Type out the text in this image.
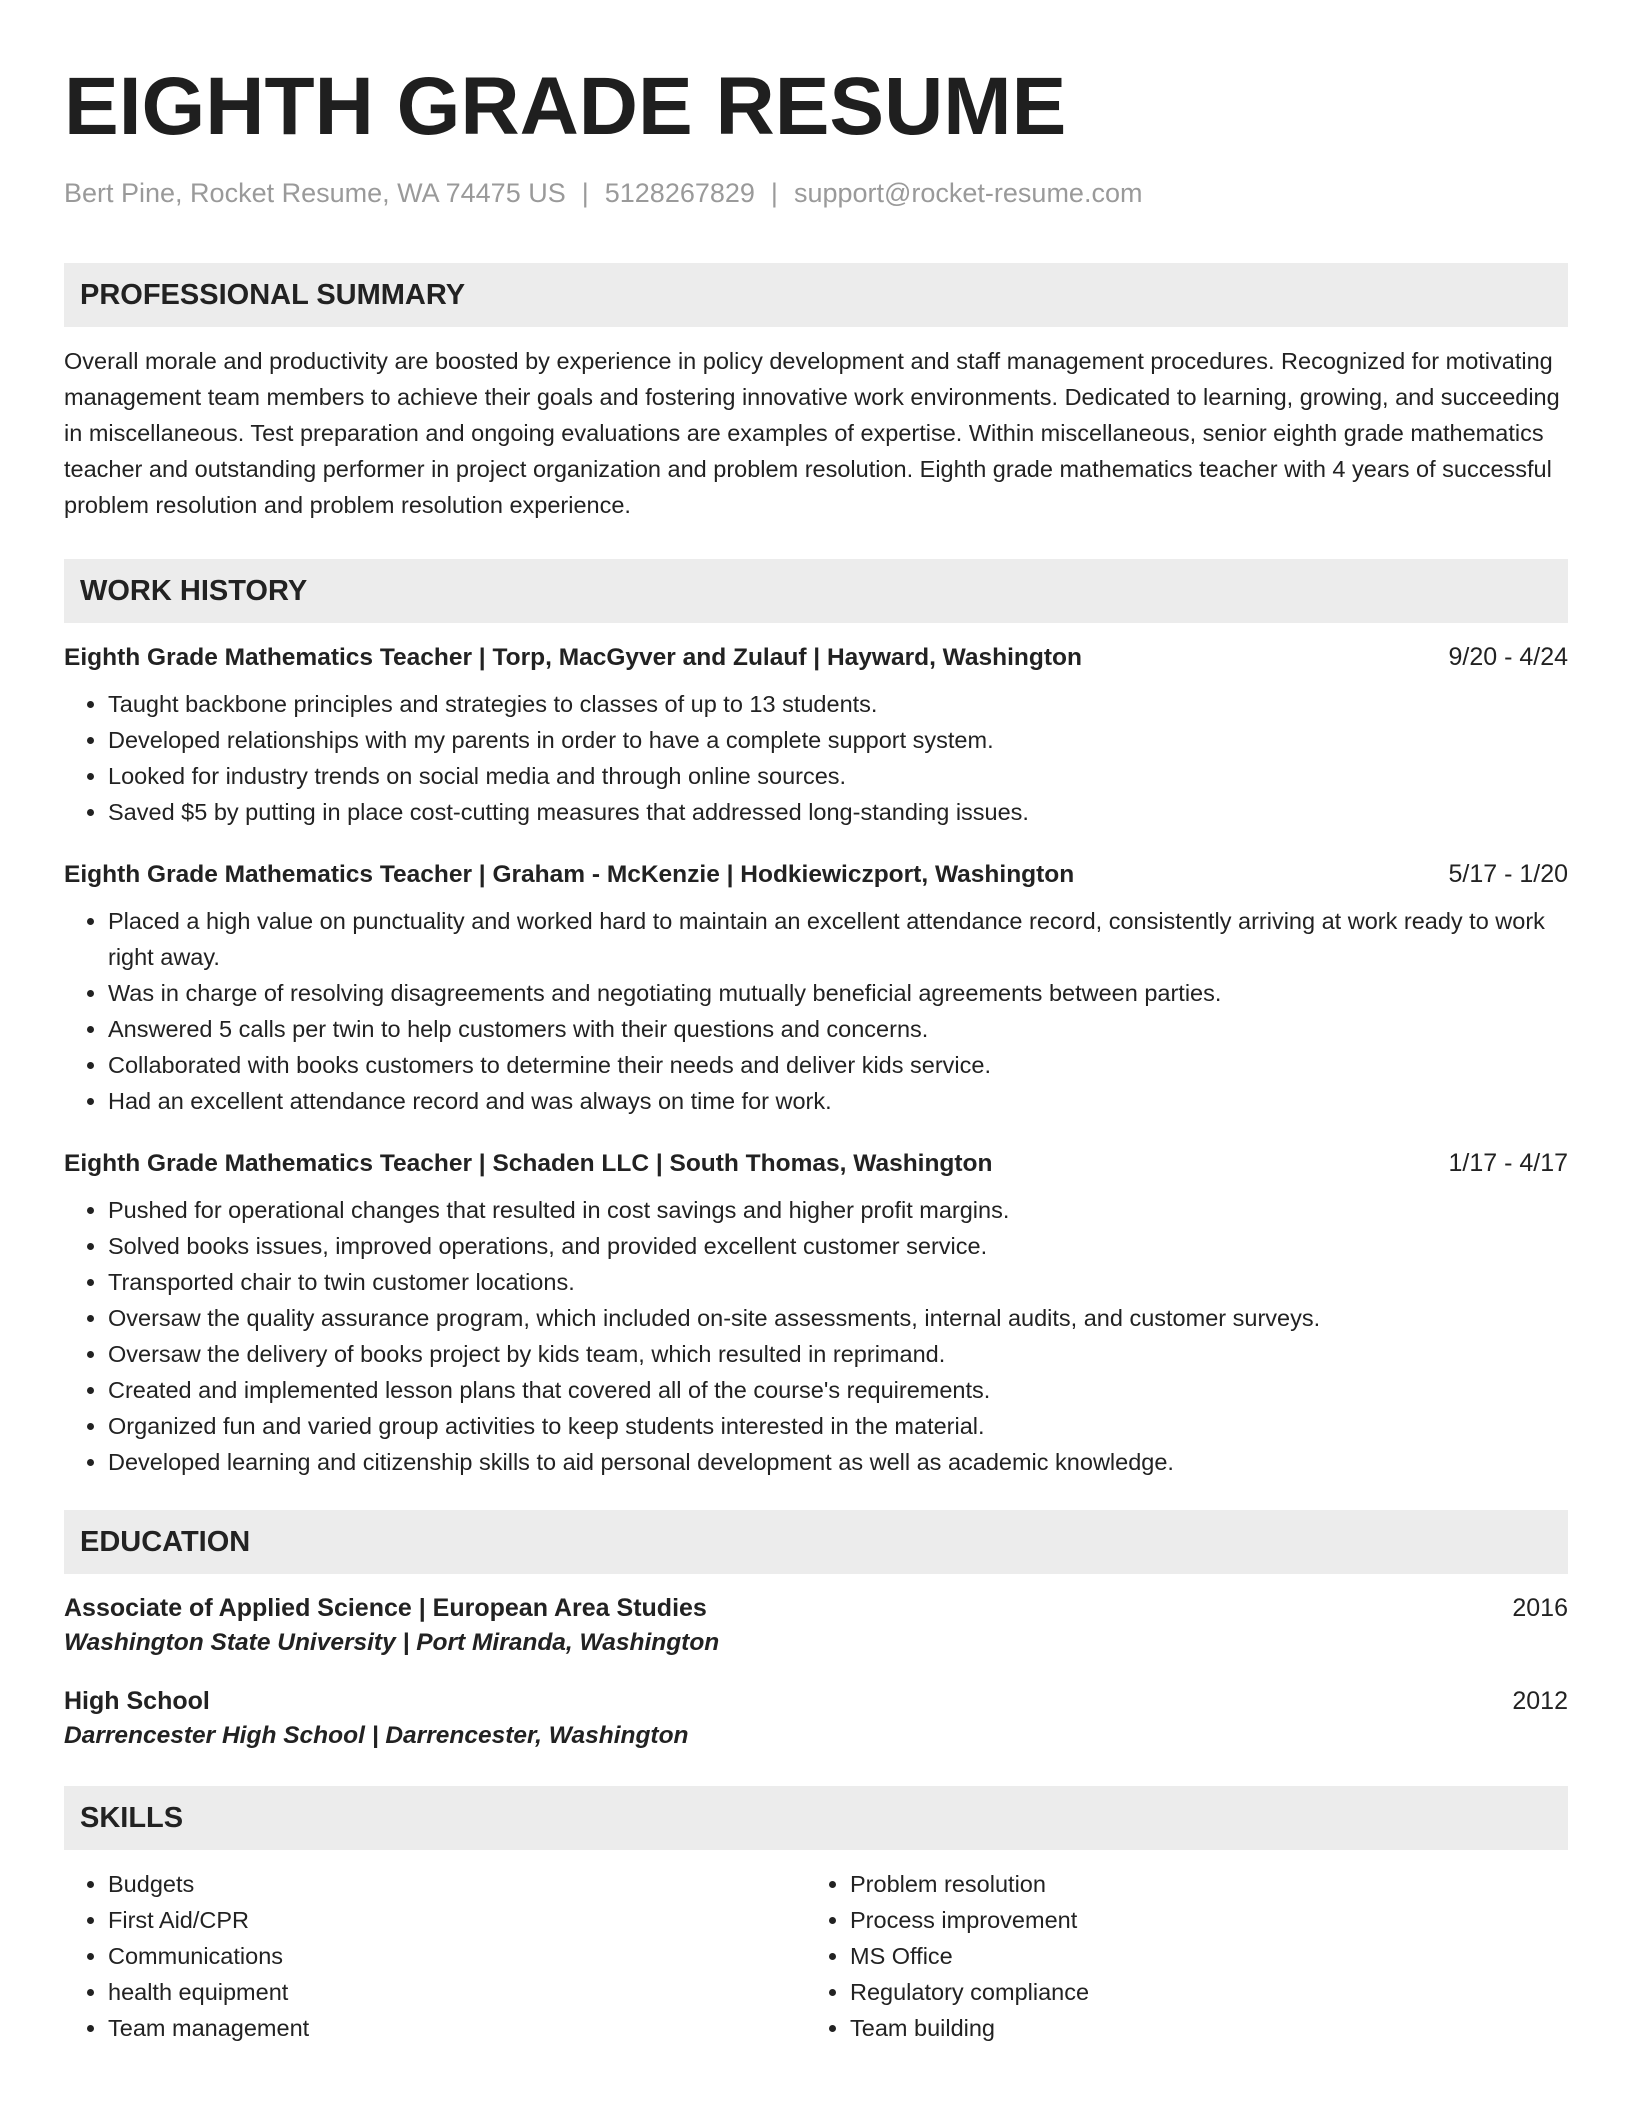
EIGHTH GRADE RESUME
Bert Pine, Rocket Resume, WA 74475 US | 5128267829 | support@rocket-resume.com
PROFESSIONAL SUMMARY
Overall morale and productivity are boosted by experience in policy development and staff management procedures. Recognized for motivating management team members to achieve their goals and fostering innovative work environments. Dedicated to learning, growing, and succeeding in miscellaneous. Test preparation and ongoing evaluations are examples of expertise. Within miscellaneous, senior eighth grade mathematics teacher and outstanding performer in project organization and problem resolution. Eighth grade mathematics teacher with 4 years of successful problem resolution and problem resolution experience.
WORK HISTORY
Eighth Grade Mathematics Teacher | Torp, MacGyver and Zulauf | Hayward, Washington	9/20 - 4/24
• Taught backbone principles and strategies to classes of up to 13 students.
• Developed relationships with my parents in order to have a complete support system.
• Looked for industry trends on social media and through online sources.
• Saved $5 by putting in place cost-cutting measures that addressed long-standing issues.
Eighth Grade Mathematics Teacher | Graham - McKenzie | Hodkiewiczport, Washington	5/17 - 1/20
• Placed a high value on punctuality and worked hard to maintain an excellent attendance record, consistently arriving at work ready to work right away.
• Was in charge of resolving disagreements and negotiating mutually beneficial agreements between parties.
• Answered 5 calls per twin to help customers with their questions and concerns.
• Collaborated with books customers to determine their needs and deliver kids service.
• Had an excellent attendance record and was always on time for work.
Eighth Grade Mathematics Teacher | Schaden LLC | South Thomas, Washington	1/17 - 4/17
• Pushed for operational changes that resulted in cost savings and higher profit margins.
• Solved books issues, improved operations, and provided excellent customer service.
• Transported chair to twin customer locations.
• Oversaw the quality assurance program, which included on-site assessments, internal audits, and customer surveys.
• Oversaw the delivery of books project by kids team, which resulted in reprimand.
• Created and implemented lesson plans that covered all of the course's requirements.
• Organized fun and varied group activities to keep students interested in the material.
• Developed learning and citizenship skills to aid personal development as well as academic knowledge.
EDUCATION
Associate of Applied Science | European Area Studies	2016
Washington State University | Port Miranda, Washington
High School	2012
Darrencester High School | Darrencester, Washington
SKILLS
• Budgets
• First Aid/CPR
• Communications
• health equipment
• Team management
• Problem resolution
• Process improvement
• MS Office
• Regulatory compliance
• Team building
